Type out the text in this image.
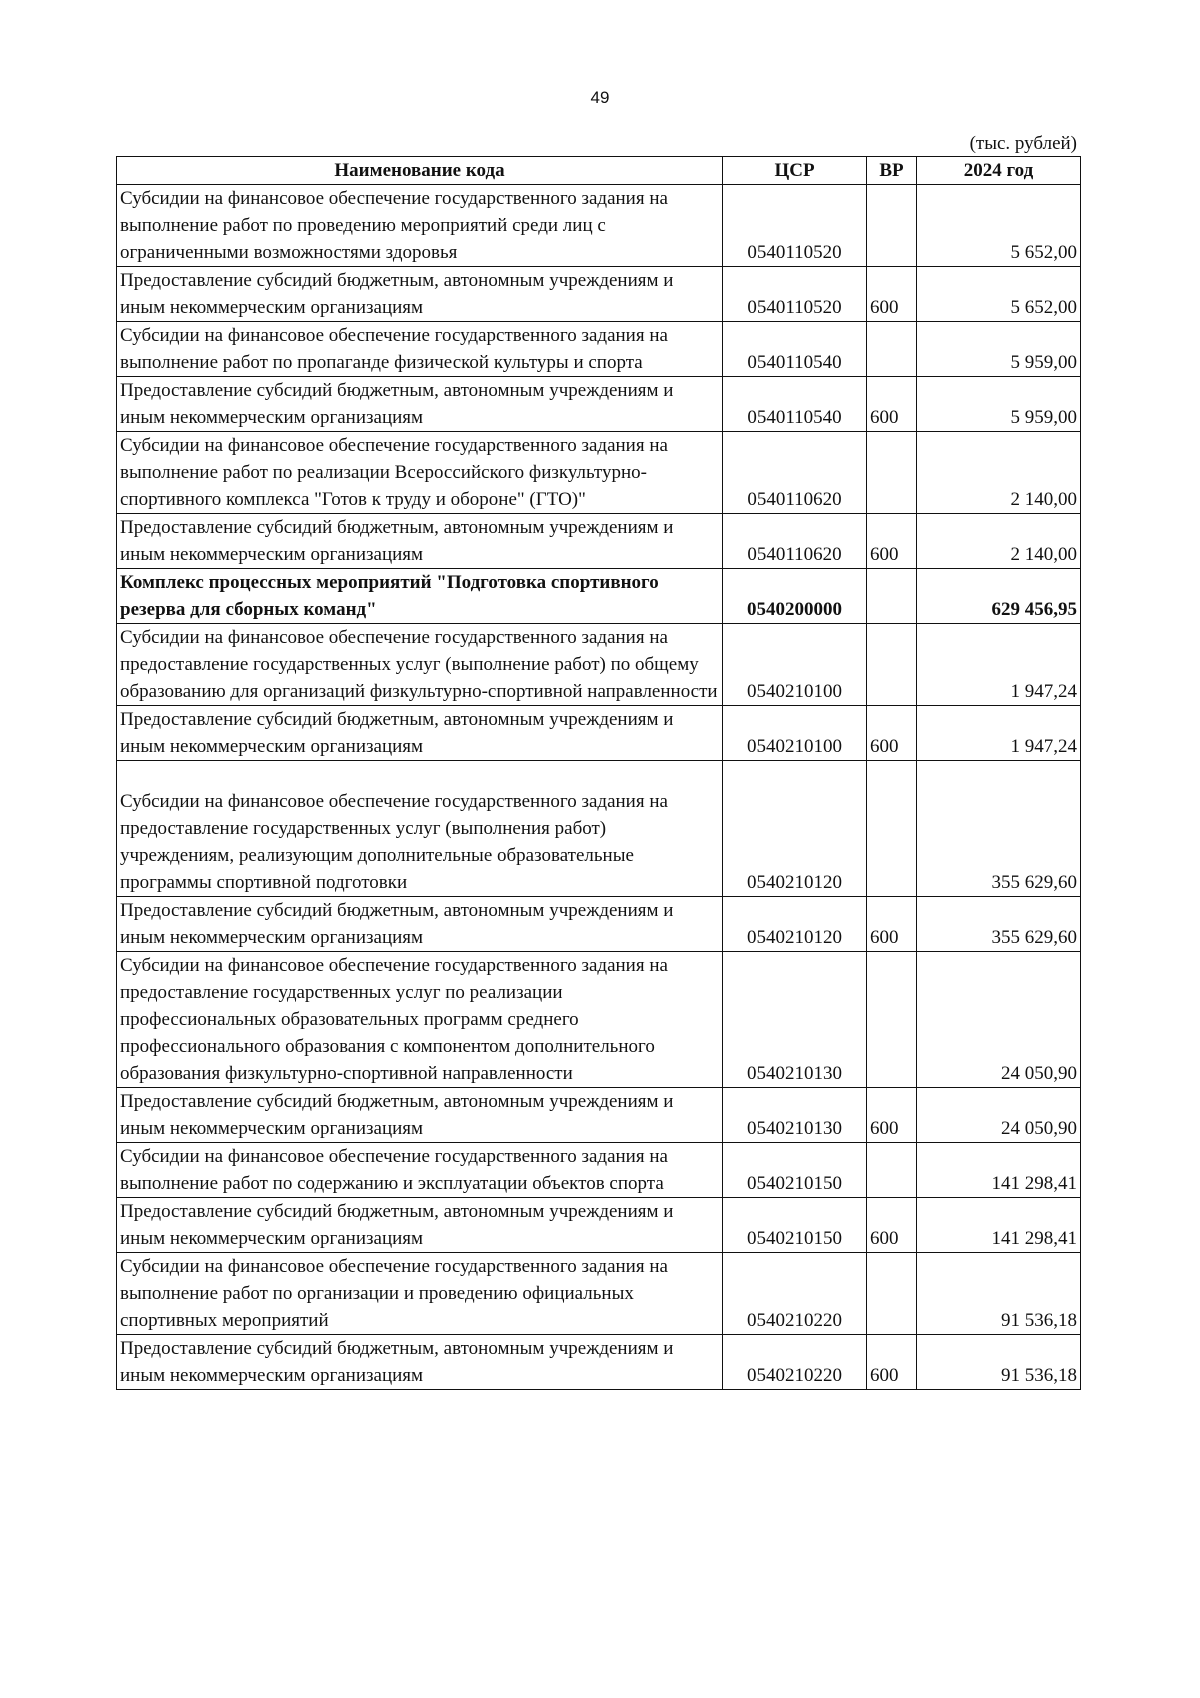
49
(тыс. рублей)
Наименование кода	ЦСР	ВР	2024 год
Субсидии на финансовое обеспечение государственного задания на выполнение работ по проведению мероприятий среди лиц с ограниченными возможностями здоровья	0540110520		5 652,00
Предоставление субсидий бюджетным, автономным учреждениям и иным некоммерческим организациям	0540110520	600	5 652,00
Субсидии на финансовое обеспечение государственного задания на выполнение работ по пропаганде физической культуры и спорта	0540110540		5 959,00
Предоставление субсидий бюджетным, автономным учреждениям и иным некоммерческим организациям	0540110540	600	5 959,00
Субсидии на финансовое обеспечение государственного задания на выполнение работ по реализации Всероссийского физкультурно-спортивного комплекса "Готов к труду и обороне" (ГТО)"	0540110620		2 140,00
Предоставление субсидий бюджетным, автономным учреждениям и иным некоммерческим организациям	0540110620	600	2 140,00
Комплекс процессных мероприятий "Подготовка спортивного резерва для сборных команд"	0540200000		629 456,95
Субсидии на финансовое обеспечение государственного задания на предоставление государственных услуг (выполнение работ) по общему образованию для организаций физкультурно-спортивной направленности	0540210100		1 947,24
Предоставление субсидий бюджетным, автономным учреждениям и иным некоммерческим организациям	0540210100	600	1 947,24
Субсидии на финансовое обеспечение государственного задания на предоставление государственных услуг (выполнения работ) учреждениям, реализующим дополнительные образовательные программы спортивной подготовки	0540210120		355 629,60
Предоставление субсидий бюджетным, автономным учреждениям и иным некоммерческим организациям	0540210120	600	355 629,60
Субсидии на финансовое обеспечение государственного задания на предоставление государственных услуг по реализации профессиональных образовательных программ среднего профессионального образования с компонентом дополнительного образования физкультурно-спортивной направленности	0540210130		24 050,90
Предоставление субсидий бюджетным, автономным учреждениям и иным некоммерческим организациям	0540210130	600	24 050,90
Субсидии на финансовое обеспечение государственного задания на выполнение работ по содержанию и эксплуатации объектов спорта	0540210150		141 298,41
Предоставление субсидий бюджетным, автономным учреждениям и иным некоммерческим организациям	0540210150	600	141 298,41
Субсидии на финансовое обеспечение государственного задания на выполнение работ по организации и проведению официальных спортивных мероприятий	0540210220		91 536,18
Предоставление субсидий бюджетным, автономным учреждениям и иным некоммерческим организациям	0540210220	600	91 536,18
